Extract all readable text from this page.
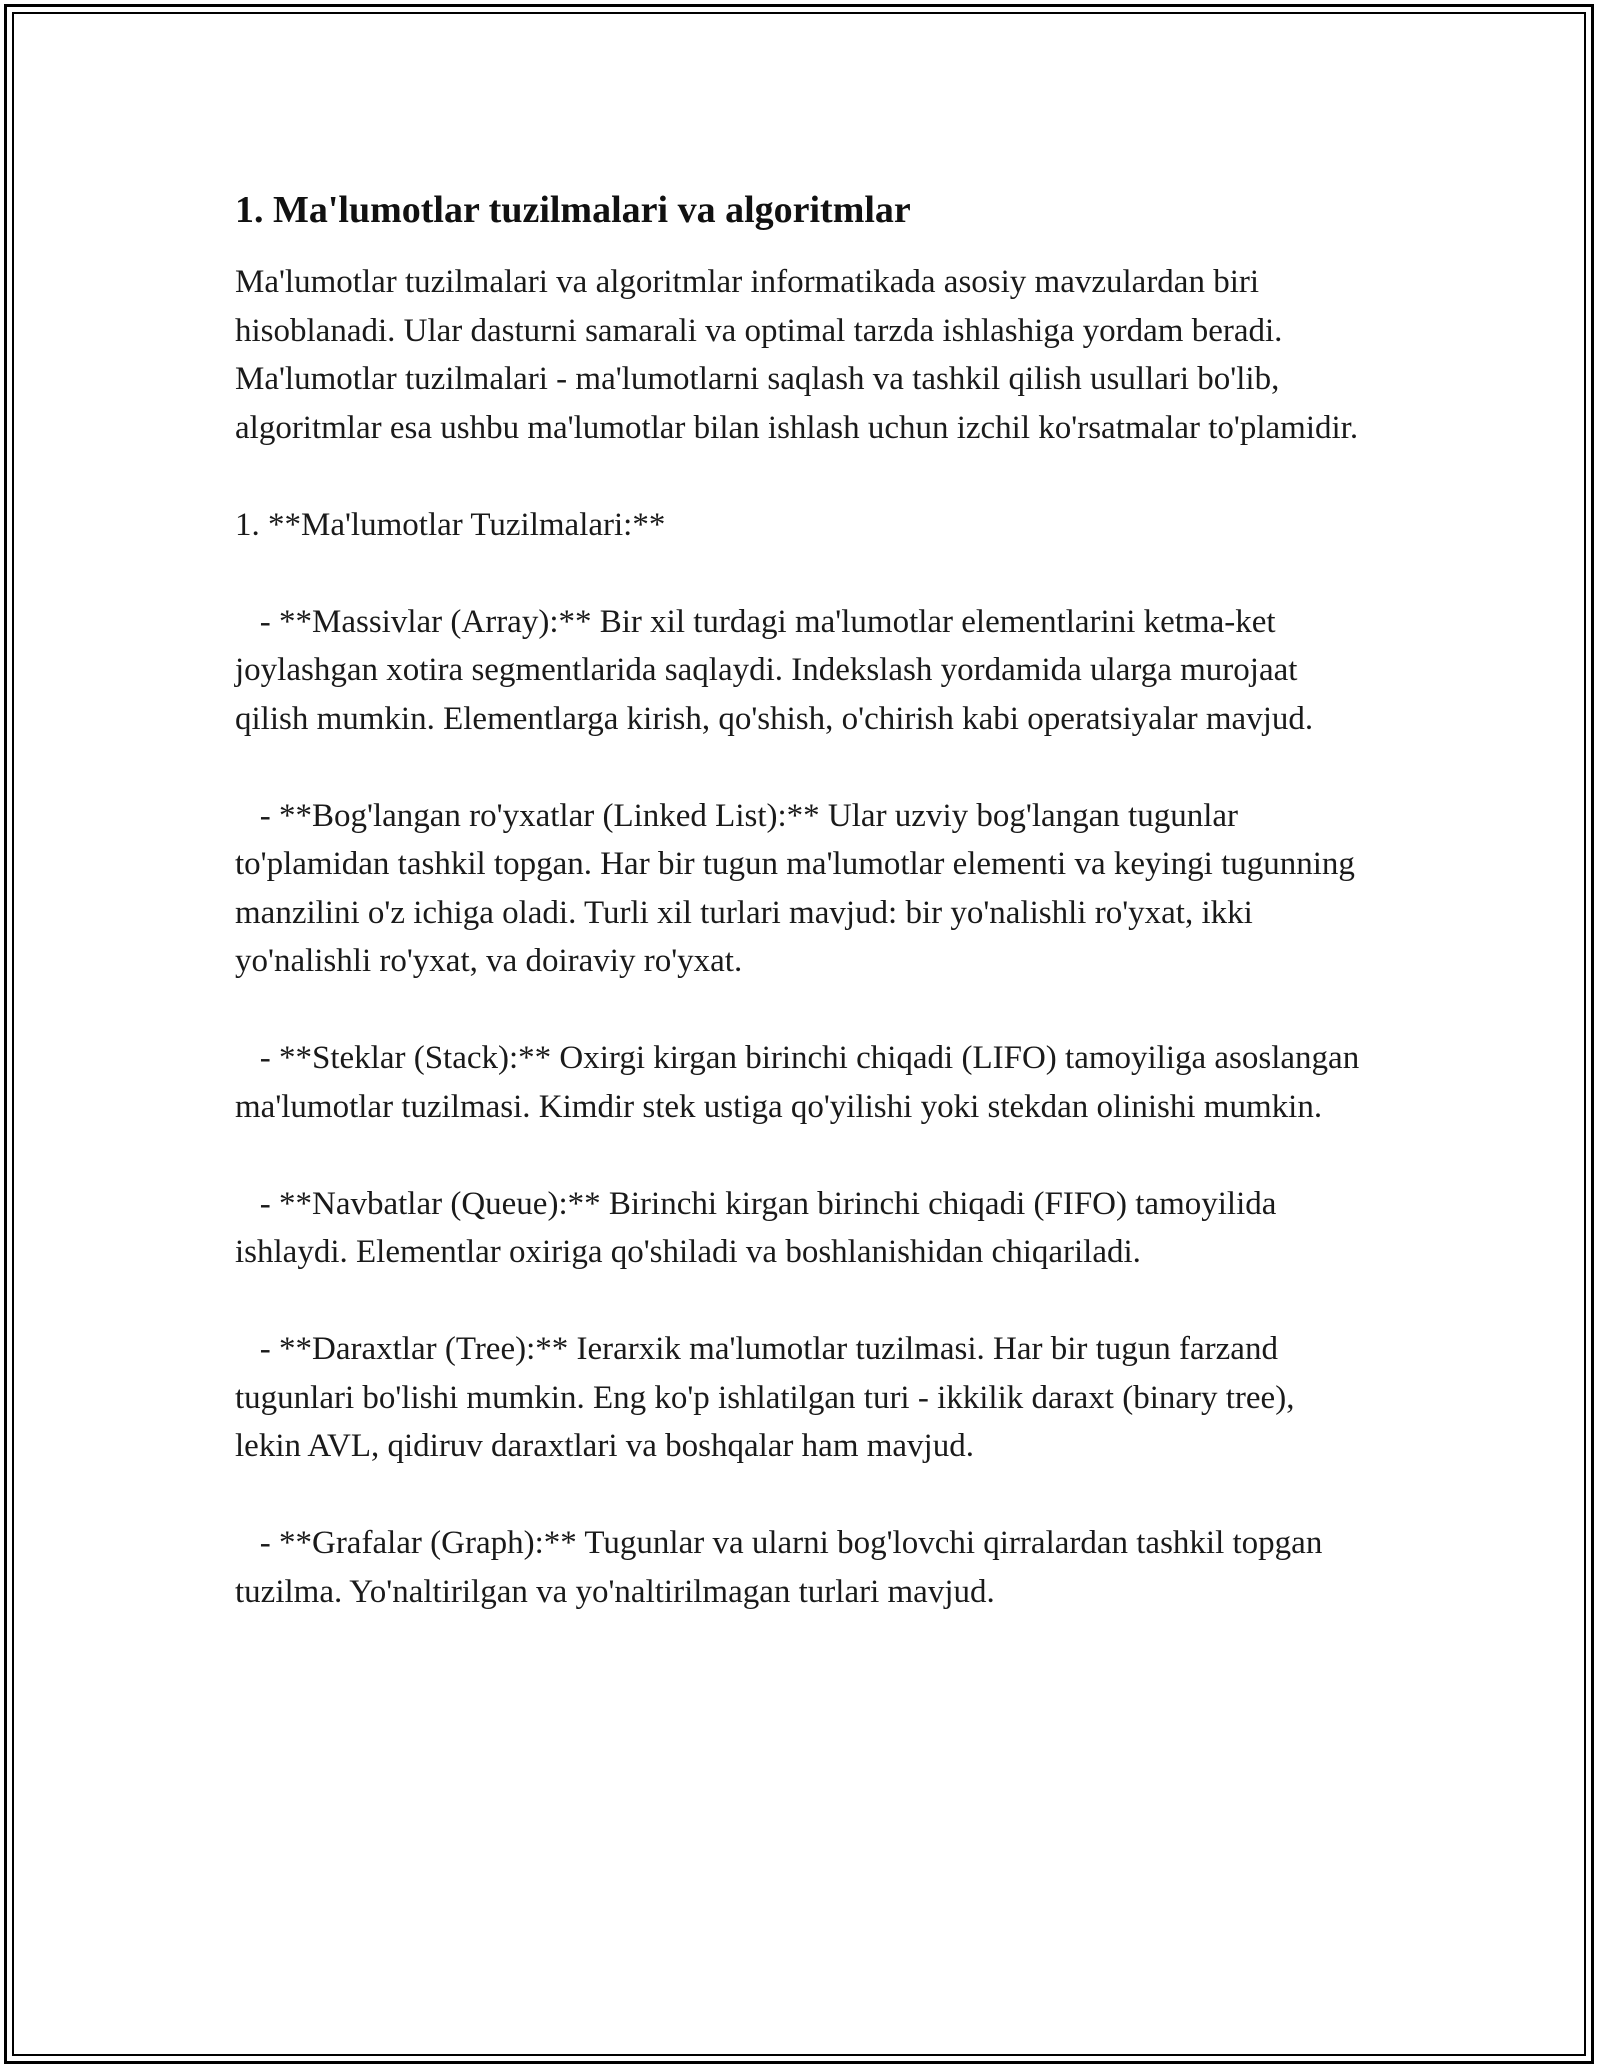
1. Ma'lumotlar tuzilmalari va algoritmlar

Ma'lumotlar tuzilmalari va algoritmlar informatikada asosiy mavzulardan biri hisoblanadi. Ular dasturni samarali va optimal tarzda ishlashiga yordam beradi. Ma'lumotlar tuzilmalari - ma'lumotlarni saqlash va tashkil qilish usullari bo'lib, algoritmlar esa ushbu ma'lumotlar bilan ishlash uchun izchil ko'rsatmalar to'plamidir.

1. **Ma'lumotlar Tuzilmalari:**

- **Massivlar (Array):** Bir xil turdagi ma'lumotlar elementlarini ketma-ket joylashgan xotira segmentlarida saqlaydi. Indekslash yordamida ularga murojaat qilish mumkin. Elementlarga kirish, qo'shish, o'chirish kabi operatsiyalar mavjud.

- **Bog'langan ro'yxatlar (Linked List):** Ular uzviy bog'langan tugunlar to'plamidan tashkil topgan. Har bir tugun ma'lumotlar elementi va keyingi tugunning manzilini o'z ichiga oladi. Turli xil turlari mavjud: bir yo'nalishli ro'yxat, ikki yo'nalishli ro'yxat, va doiraviy ro'yxat.

- **Steklar (Stack):** Oxirgi kirgan birinchi chiqadi (LIFO) tamoyiliga asoslangan ma'lumotlar tuzilmasi. Kimdir stek ustiga qo'yilishi yoki stekdan olinishi mumkin.

- **Navbatlar (Queue):** Birinchi kirgan birinchi chiqadi (FIFO) tamoyilida ishlaydi. Elementlar oxiriga qo'shiladi va boshlanishidan chiqariladi.

- **Daraxtlar (Tree):** Ierarxik ma'lumotlar tuzilmasi. Har bir tugun farzand tugunlari bo'lishi mumkin. Eng ko'p ishlatilgan turi - ikkilik daraxt (binary tree), lekin AVL, qidiruv daraxtlari va boshqalar ham mavjud.

- **Grafalar (Graph):** Tugunlar va ularni bog'lovchi qirralardan tashkil topgan tuzilma. Yo'naltirilgan va yo'naltirilmagan turlari mavjud.
